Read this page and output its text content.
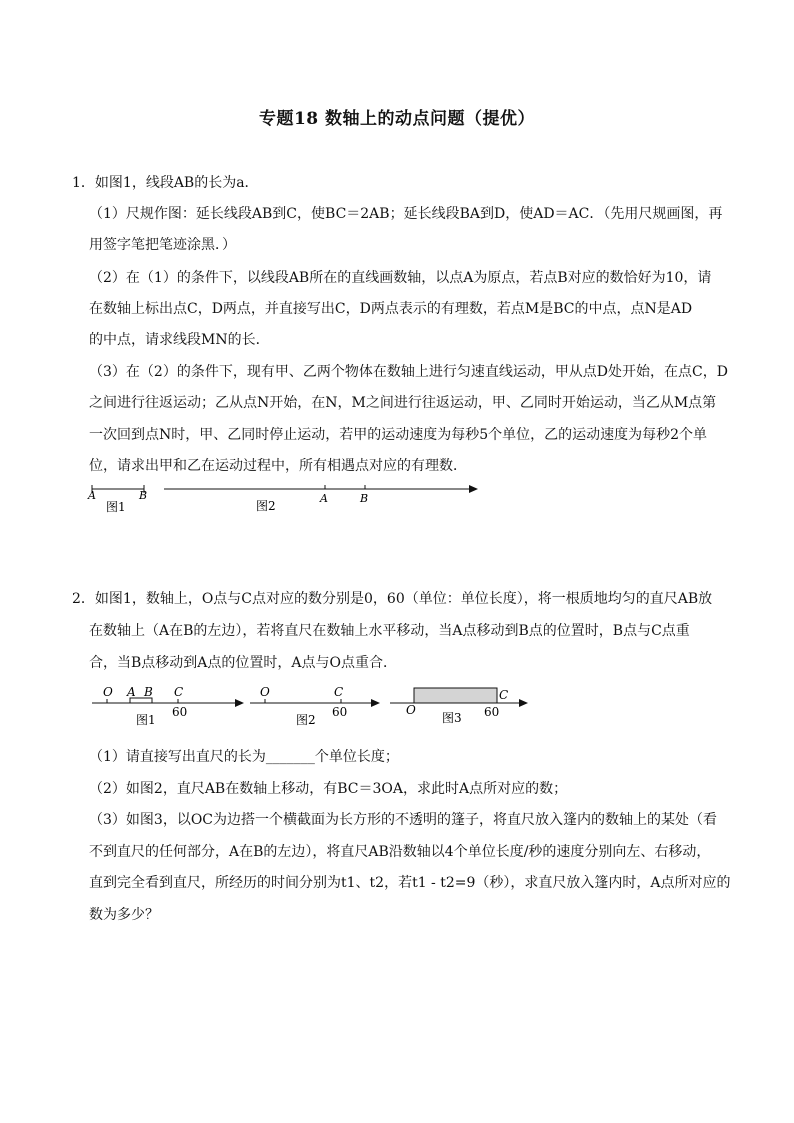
专题18 数轴上的动点问题（提优）
1．如图1，线段AB的长为a．
（1）尺规作图：延长线段AB到C，使BC＝2AB；延长线段BA到D，使AD＝AC．（先用尺规画图，再
用签字笔把笔迹涂黑．）
（2）在（1）的条件下，以线段AB所在的直线画数轴，以点A为原点，若点B对应的数恰好为10，请
在数轴上标出点C，D两点，并直接写出C，D两点表示的有理数，若点M是BC的中点，点N是AD
的中点，请求线段MN的长．
（3）在（2）的条件下，现有甲、乙两个物体在数轴上进行匀速直线运动，甲从点D处开始，在点C，D
之间进行往返运动；乙从点N开始，在N，M之间进行往返运动，甲、乙同时开始运动，当乙从M点第
一次回到点N时，甲、乙同时停止运动，若甲的运动速度为每秒5个单位，乙的运动速度为每秒2个单
位，请求出甲和乙在运动过程中，所有相遇点对应的有理数．
A	B
图1
A	B
图2
2．如图1，数轴上，O点与C点对应的数分别是0，60（单位：单位长度），将一根质地均匀的直尺AB放
在数轴上（A在B的左边），若将直尺在数轴上水平移动，当A点移动到B点的位置时，B点与C点重
合，当B点移动到A点的位置时，A点与O点重合．
O A B C
60
图1
O	C
60
图2
O
C
60
图3
（1）请直接写出直尺的长为_______个单位长度；
（2）如图2，直尺AB在数轴上移动，有BC＝3OA，求此时A点所对应的数；
（3）如图3，以OC为边搭一个横截面为长方形的不透明的篷子，将直尺放入篷内的数轴上的某处（看
不到直尺的任何部分，A在B的左边），将直尺AB沿数轴以4个单位长度/秒的速度分别向左、右移动，
直到完全看到直尺，所经历的时间分别为t1、t2，若t1 - t2=9（秒），求直尺放入篷内时，A点所对应的
数为多少？
